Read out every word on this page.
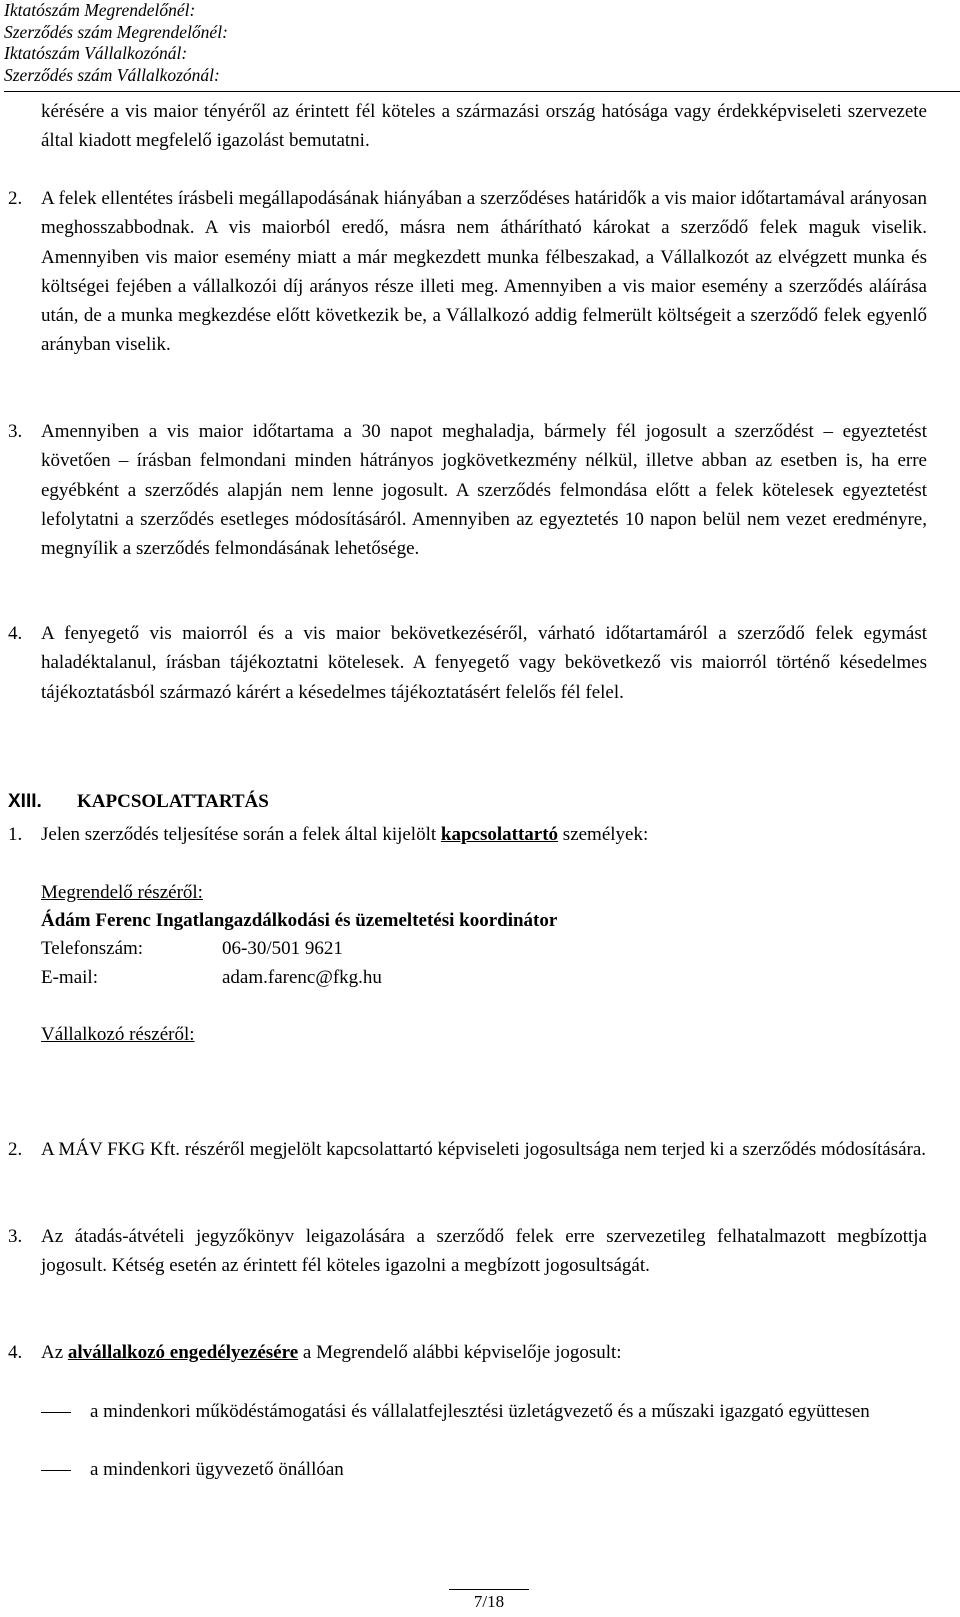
Iktatószám Megrendelőnél:
Szerződés szám Megrendelőnél:
Iktatószám Vállalkozónál:
Szerződés szám Vállalkozónál:
kérésére a vis maior tényéről az érintett fél köteles a származási ország hatósága vagy érdekképviseleti szervezete által kiadott megfelelő igazolást bemutatni.
2. A felek ellentétes írásbeli megállapodásának hiányában a szerződéses határidők a vis maior időtartamával arányosan meghosszabbodnak. A vis maiorból eredő, másra nem áthárítható károkat a szerződő felek maguk viselik. Amennyiben vis maior esemény miatt a már megkezdett munka félbeszakad, a Vállalkozót az elvégzett munka és költségei fejében a vállalkozói díj arányos része illeti meg. Amennyiben a vis maior esemény a szerződés aláírása után, de a munka megkezdése előtt következik be, a Vállalkozó addig felmerült költségeit a szerződő felek egyenlő arányban viselik.
3. Amennyiben a vis maior időtartama a 30 napot meghaladja, bármely fél jogosult a szerződést – egyeztetést követően – írásban felmondani minden hátrányos jogkövetkezmény nélkül, illetve abban az esetben is, ha erre egyébként a szerződés alapján nem lenne jogosult. A szerződés felmondása előtt a felek kötelesek egyeztetést lefolytatni a szerződés esetleges módosításáról. Amennyiben az egyeztetés 10 napon belül nem vezet eredményre, megnyílik a szerződés felmondásának lehetősége.
4. A fenyegető vis maiorról és a vis maior bekövetkezéséről, várható időtartamáról a szerződő felek egymást haladéktalanul, írásban tájékoztatni kötelesek. A fenyegető vagy bekövetkező vis maiorról történő késedelmes tájékoztatásból származó kárért a késedelmes tájékoztatásért felelős fél felel.
XIII. KAPCSOLATTARTÁS
1. Jelen szerződés teljesítése során a felek által kijelölt kapcsolattartó személyek:
Megrendelő részéről:
Ádám Ferenc Ingatlangazdálkodási és üzemeltetési koordinátor
Telefonszám:	06-30/501 9621
E-mail:	adam.farenc@fkg.hu
Vállalkozó részéről:
2. A MÁV FKG Kft. részéről megjelölt kapcsolattartó képviseleti jogosultsága nem terjed ki a szerződés módosítására.
3. Az átadás-átvételi jegyzőkönyv leigazolására a szerződő felek erre szervezetileg felhatalmazott megbízottja jogosult. Kétség esetén az érintett fél köteles igazolni a megbízott jogosultságát.
4. Az alvállalkozó engedélyezésére a Megrendelő alábbi képviselője jogosult:
a mindenkori működéstámogatási és vállalatfejlesztési üzletágvezető és a műszaki igazgató együttesen
a mindenkori ügyvezető önállóan
7/18
